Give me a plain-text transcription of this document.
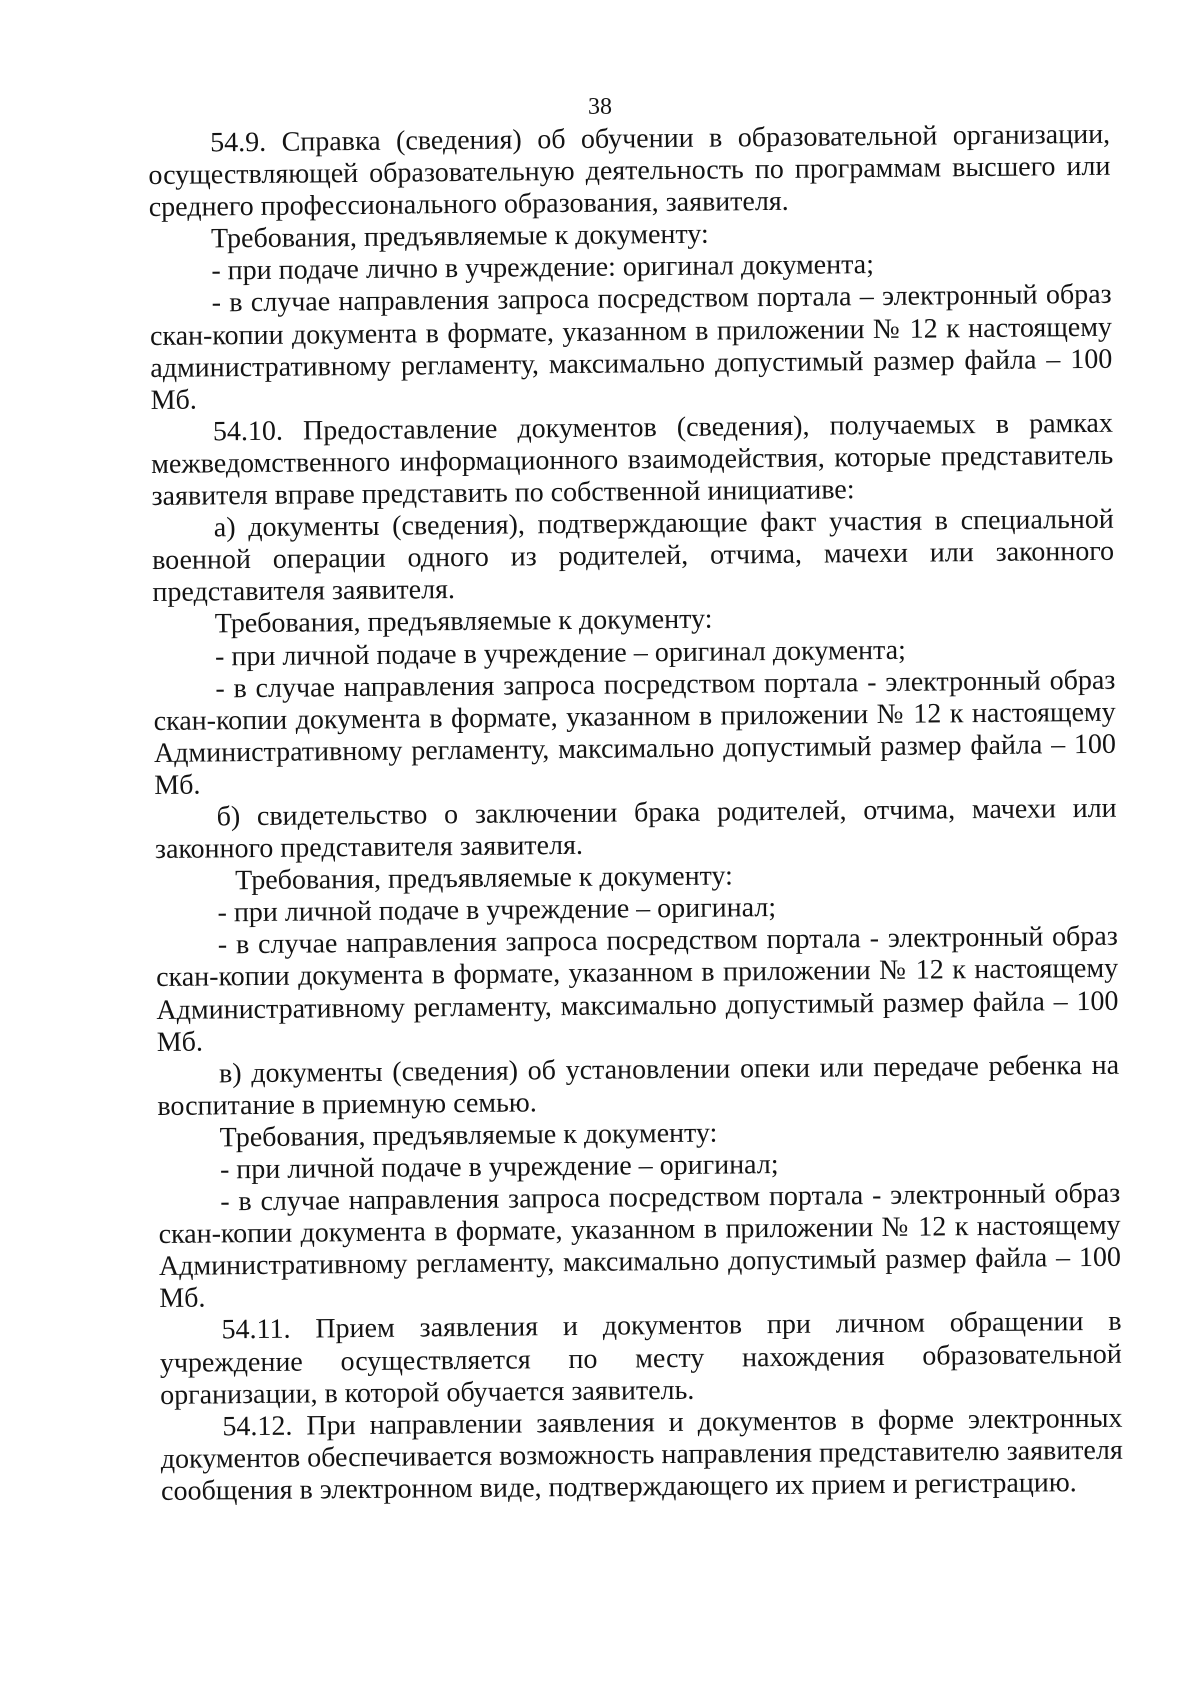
38

54.9. Справка (сведения) об обучении в образовательной организации, осуществляющей образовательную деятельность по программам высшего или среднего профессионального образования, заявителя.

Требования, предъявляемые к документу:

- при подаче лично в учреждение: оригинал документа;

- в случае направления запроса посредством портала – электронный образ скан-копии документа в формате, указанном в приложении № 12 к настоящему административному регламенту, максимально допустимый размер файла – 100 Мб.

54.10. Предоставление документов (сведения), получаемых в рамках межведомственного информационного взаимодействия, которые представитель заявителя вправе представить по собственной инициативе:

а) документы (сведения), подтверждающие факт участия в специальной военной операции одного из родителей, отчима, мачехи или законного представителя заявителя.

Требования, предъявляемые к документу:

- при личной подаче в учреждение – оригинал документа;

- в случае направления запроса посредством портала - электронный образ скан-копии документа в формате, указанном в приложении № 12 к настоящему Административному регламенту, максимально допустимый размер файла – 100 Мб.

б) свидетельство о заключении брака родителей, отчима, мачехи или законного представителя заявителя.

Требования, предъявляемые к документу:

- при личной подаче в учреждение – оригинал;

- в случае направления запроса посредством портала - электронный образ скан-копии документа в формате, указанном в приложении № 12 к настоящему Административному регламенту, максимально допустимый размер файла – 100 Мб.

в) документы (сведения) об установлении опеки или передаче ребенка на воспитание в приемную семью.

Требования, предъявляемые к документу:

- при личной подаче в учреждение – оригинал;

- в случае направления запроса посредством портала - электронный образ скан-копии документа в формате, указанном в приложении № 12 к настоящему Административному регламенту, максимально допустимый размер файла – 100 Мб.

54.11. Прием заявления и документов при личном обращении в учреждение осуществляется по месту нахождения образовательной организации, в которой обучается заявитель.

54.12. При направлении заявления и документов в форме электронных документов обеспечивается возможность направления представителю заявителя сообщения в электронном виде, подтверждающего их прием и регистрацию.
